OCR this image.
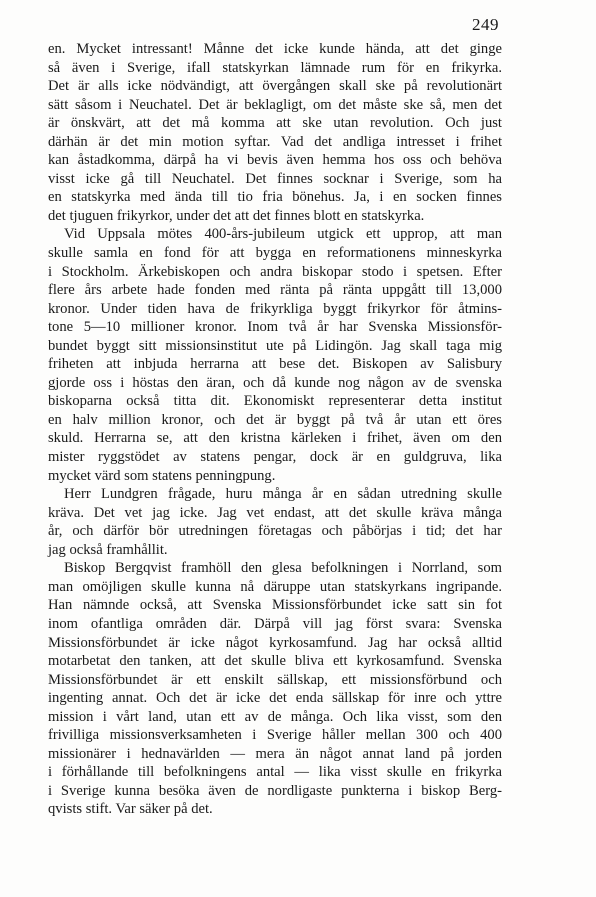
249
en. Mycket intressant! Månne det icke kunde hända, att det ginge
så även i Sverige, ifall statskyrkan lämnade rum för en frikyrka.
Det är alls icke nödvändigt, att övergången skall ske på revolutionärt
sätt såsom i Neuchatel. Det är beklagligt, om det måste ske så, men det
är önskvärt, att det må komma att ske utan revolution. Och just
därhän är det min motion syftar. Vad det andliga intresset i frihet
kan åstadkomma, därpå ha vi bevis även hemma hos oss och behöva
visst icke gå till Neuchatel. Det finnes socknar i Sverige, som ha
en statskyrka med ända till tio fria bönehus. Ja, i en socken finnes
det tjuguen frikyrkor, under det att det finnes blott en statskyrka.
Vid Uppsala mötes 400-års-jubileum utgick ett upprop, att man
skulle samla en fond för att bygga en reformationens minneskyrka
i Stockholm. Ärkebiskopen och andra biskopar stodo i spetsen. Efter
flere års arbete hade fonden med ränta på ränta uppgått till 13,000
kronor. Under tiden hava de frikyrkliga byggt frikyrkor för åtmins-
tone 5—10 millioner kronor. Inom två år har Svenska Missionsför-
bundet byggt sitt missionsinstitut ute på Lidingön. Jag skall taga mig
friheten att inbjuda herrarna att bese det. Biskopen av Salisbury
gjorde oss i höstas den äran, och då kunde nog någon av de svenska
biskoparna också titta dit. Ekonomiskt representerar detta institut
en halv million kronor, och det är byggt på två år utan ett öres
skuld. Herrarna se, att den kristna kärleken i frihet, även om den
mister ryggstödet av statens pengar, dock är en guldgruva, lika
mycket värd som statens penningpung.
Herr Lundgren frågade, huru många år en sådan utredning skulle
kräva. Det vet jag icke. Jag vet endast, att det skulle kräva många
år, och därför bör utredningen företagas och påbörjas i tid; det har
jag också framhållit.
Biskop Bergqvist framhöll den glesa befolkningen i Norrland, som
man omöjligen skulle kunna nå däruppe utan statskyrkans ingripande.
Han nämnde också, att Svenska Missionsförbundet icke satt sin fot
inom ofantliga områden där. Därpå vill jag först svara: Svenska
Missionsförbundet är icke något kyrkosamfund. Jag har också alltid
motarbetat den tanken, att det skulle bliva ett kyrkosamfund. Svenska
Missionsförbundet är ett enskilt sällskap, ett missionsförbund och
ingenting annat. Och det är icke det enda sällskap för inre och yttre
mission i vårt land, utan ett av de många. Och lika visst, som den
frivilliga missionsverksamheten i Sverige håller mellan 300 och 400
missionärer i hednavärlden — mera än något annat land på jorden
i förhållande till befolkningens antal — lika visst skulle en frikyrka
i Sverige kunna besöka även de nordligaste punkterna i biskop Berg-
qvists stift. Var säker på det.
